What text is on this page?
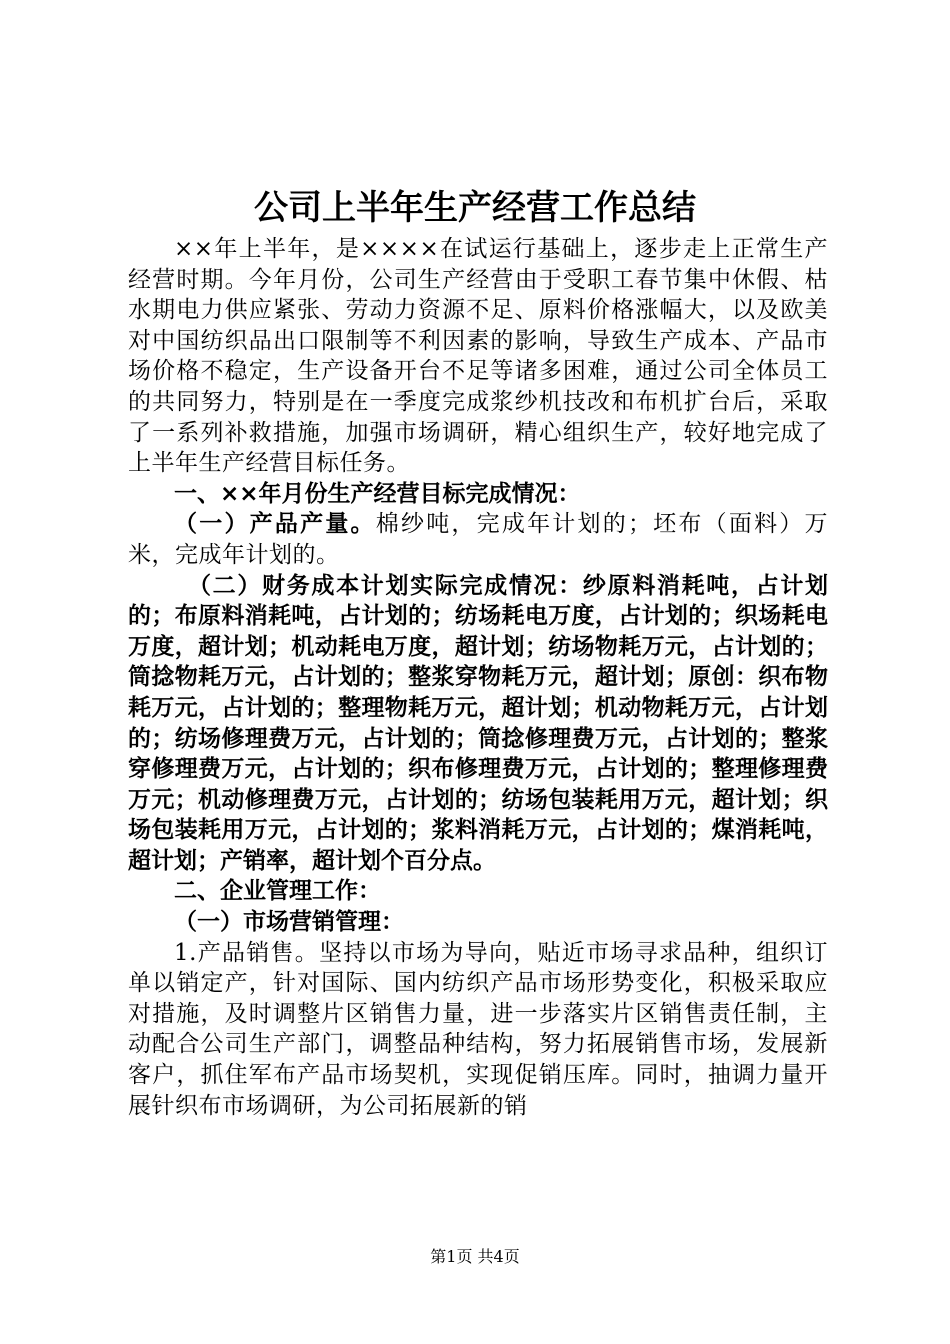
公司上半年生产经营工作总结

××年上半年，是××××在试运行基础上，逐步走上正常生产经营时期。今年月份，公司生产经营由于受职工春节集中休假、枯水期电力供应紧张、劳动力资源不足、原料价格涨幅大，以及欧美对中国纺织品出口限制等不利因素的影响，导致生产成本、产品市场价格不稳定，生产设备开台不足等诸多困难，通过公司全体员工的共同努力，特别是在一季度完成浆纱机技改和布机扩台后，采取了一系列补救措施，加强市场调研，精心组织生产，较好地完成了上半年生产经营目标任务。

一、××年月份生产经营目标完成情况：

（一）产品产量。棉纱吨，完成年计划的；坯布（面料）万米，完成年计划的。

（二）财务成本计划实际完成情况：纱原料消耗吨，占计划的；布原料消耗吨，占计划的；纺场耗电万度，占计划的；织场耗电万度，超计划；机动耗电万度，超计划；纺场物耗万元，占计划的；筒捻物耗万元，占计划的；整浆穿物耗万元，超计划；原创：织布物耗万元，占计划的；整理物耗万元，超计划；机动物耗万元，占计划的；纺场修理费万元，占计划的；筒捻修理费万元，占计划的；整浆穿修理费万元，占计划的；织布修理费万元，占计划的；整理修理费万元；机动修理费万元，占计划的；纺场包装耗用万元，超计划；织场包装耗用万元，占计划的；浆料消耗万元，占计划的；煤消耗吨，超计划；产销率，超计划个百分点。

二、企业管理工作：

（一）市场营销管理：

1.产品销售。坚持以市场为导向，贴近市场寻求品种，组织订单以销定产，针对国际、国内纺织产品市场形势变化，积极采取应对措施，及时调整片区销售力量，进一步落实片区销售责任制，主动配合公司生产部门，调整品种结构，努力拓展销售市场，发展新客户，抓住军布产品市场契机，实现促销压库。同时，抽调力量开展针织布市场调研，为公司拓展新的销

第1页 共4页
